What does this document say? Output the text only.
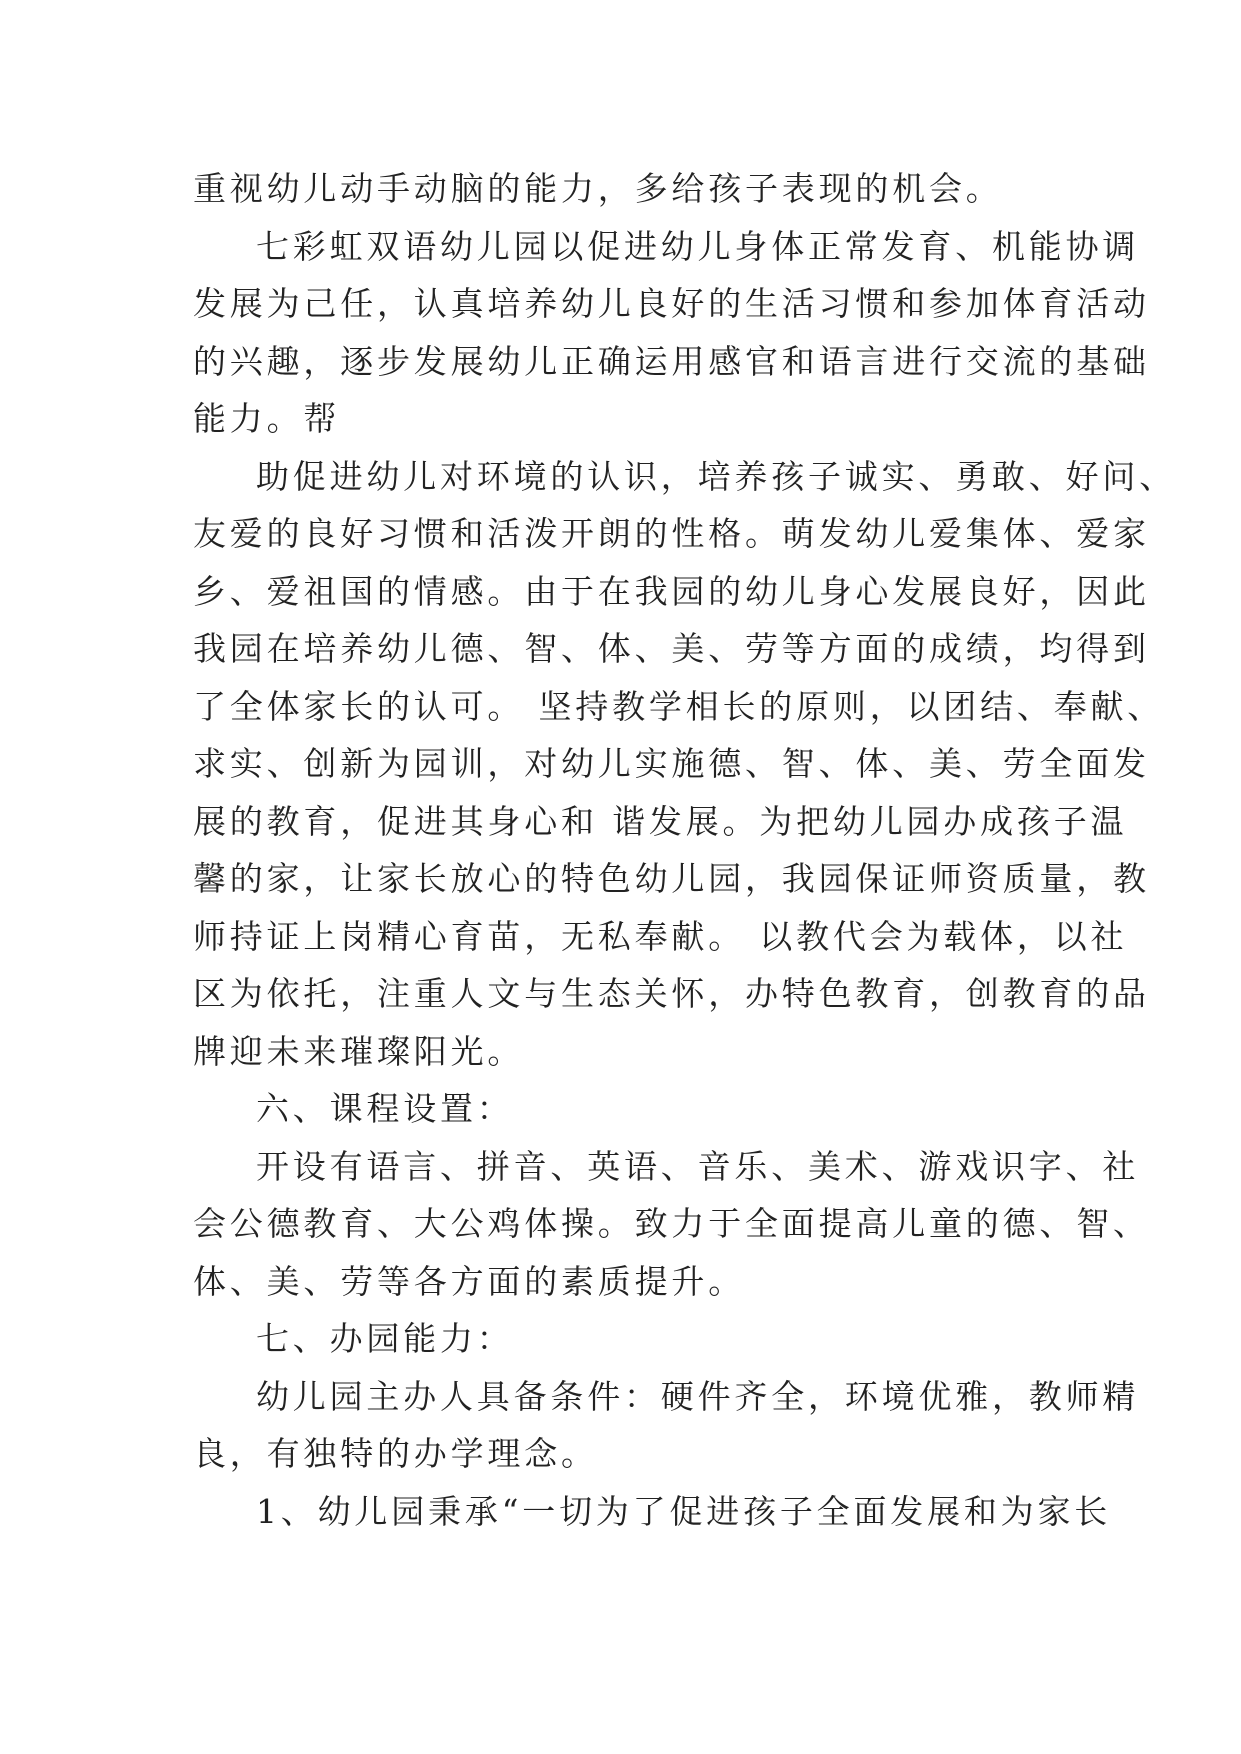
重视幼儿动手动脑的能力，多给孩子表现的机会。
七彩虹双语幼儿园以促进幼儿身体正常发育、机能协调
发展为己任，认真培养幼儿良好的生活习惯和参加体育活动
的兴趣，逐步发展幼儿正确运用感官和语言进行交流的基础
能力。帮
助促进幼儿对环境的认识，培养孩子诚实、勇敢、好问、
友爱的良好习惯和活泼开朗的性格。萌发幼儿爱集体、爱家
乡、爱祖国的情感。由于在我园的幼儿身心发展良好，因此
我园在培养幼儿德、智、体、美、劳等方面的成绩，均得到
了全体家长的认可。 坚持教学相长的原则，以团结、奉献、
求实、创新为园训，对幼儿实施德、智、体、美、劳全面发
展的教育，促进其身心和 谐发展。为把幼儿园办成孩子温
馨的家，让家长放心的特色幼儿园，我园保证师资质量，教
师持证上岗精心育苗，无私奉献。 以教代会为载体，以社
区为依托，注重人文与生态关怀，办特色教育，创教育的品
牌迎未来璀璨阳光。
六、课程设置：
开设有语言、拼音、英语、音乐、美术、游戏识字、社
会公德教育、大公鸡体操。致力于全面提高儿童的德、智、
体、美、劳等各方面的素质提升。
七、办园能力：
幼儿园主办人具备条件：硬件齐全，环境优雅，教师精
良，有独特的办学理念。
1、幼儿园秉承“一切为了促进孩子全面发展和为家长
